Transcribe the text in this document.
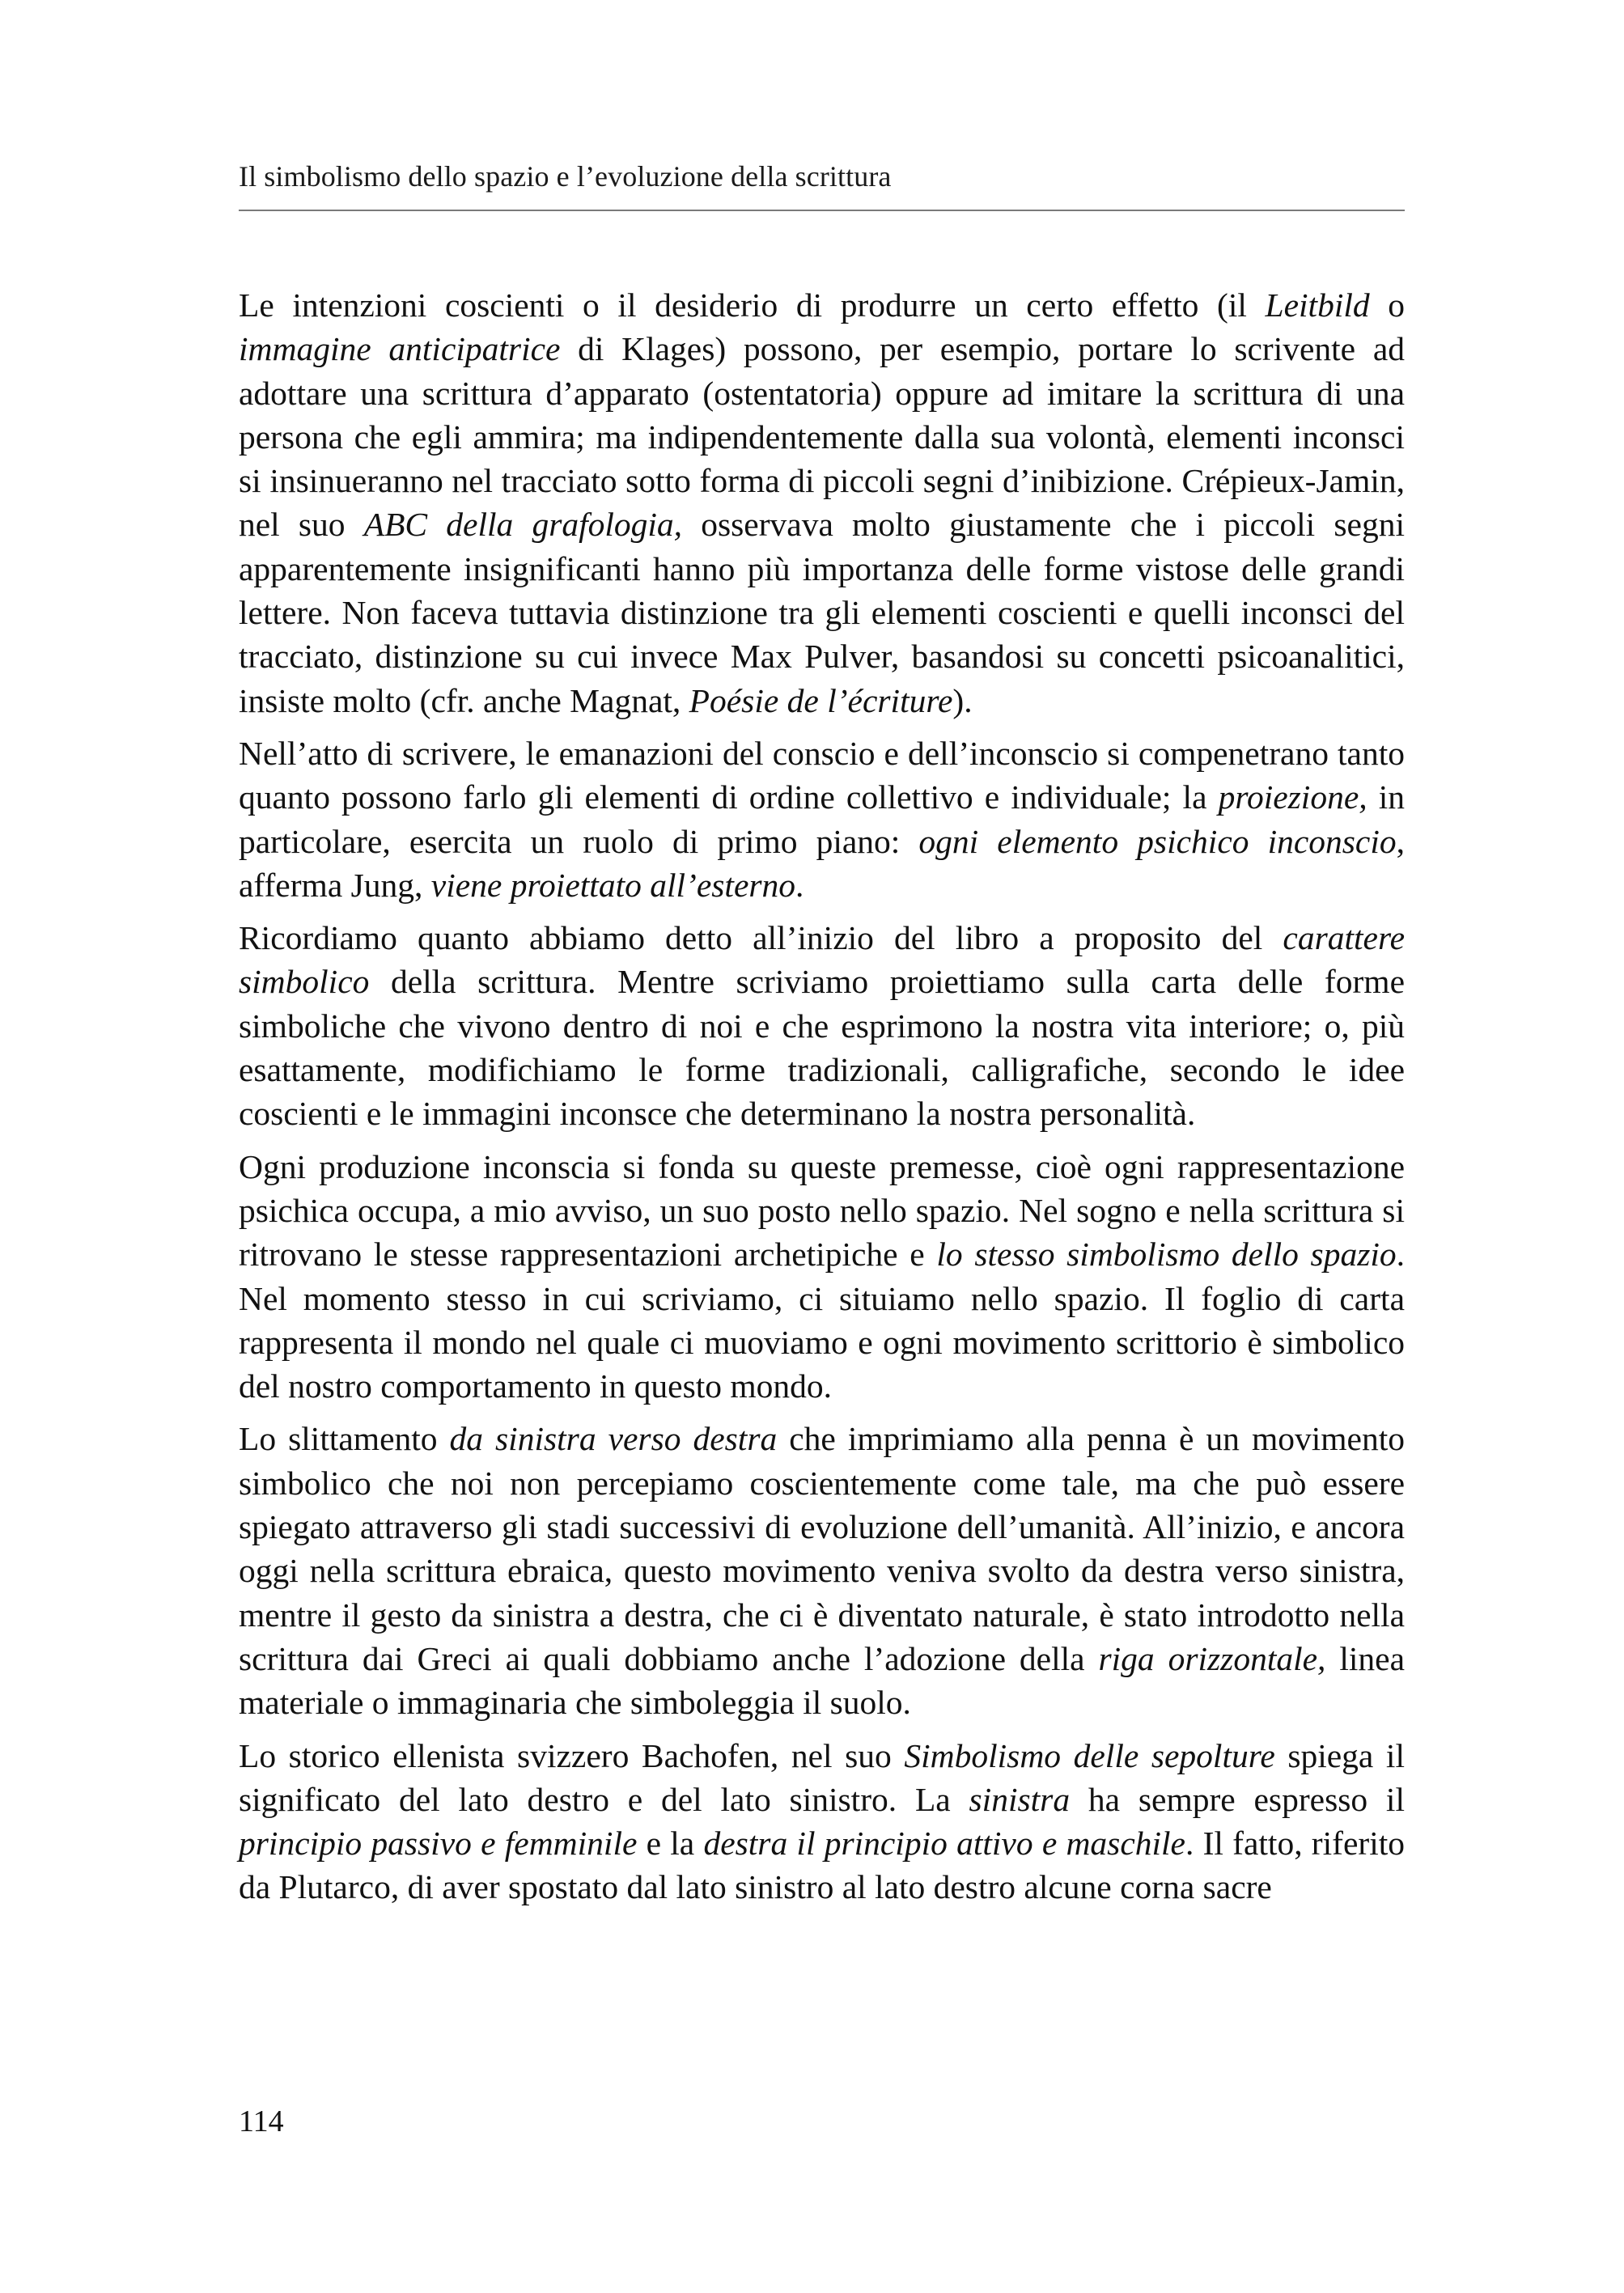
Il simbolismo dello spazio e l’evoluzione della scrittura

Le intenzioni coscienti o il desiderio di produrre un certo effetto (il Leitbild o immagine anticipatrice di Klages) possono, per esempio, portare lo scrivente ad adottare una scrittura d’apparato (ostentatoria) oppure ad imitare la scrittura di una persona che egli ammira; ma indipendentemente dalla sua volontà, elementi inconsci si insinueranno nel tracciato sotto forma di piccoli segni d’inibizione. Crépieux-Jamin, nel suo ABC della grafologia, osservava molto giustamente che i piccoli segni apparentemente insignificanti hanno più importanza delle forme vistose delle grandi lettere. Non faceva tuttavia distinzione tra gli elementi coscienti e quelli inconsci del tracciato, distinzione su cui invece Max Pulver, basandosi su concetti psicoanalitici, insiste molto (cfr. anche Magnat, Poésie de l’écriture).

Nell’atto di scrivere, le emanazioni del conscio e dell’inconscio si compenetrano tanto quanto possono farlo gli elementi di ordine collettivo e individuale; la proiezione, in particolare, esercita un ruolo di primo piano: ogni elemento psichico inconscio, afferma Jung, viene proiettato all’esterno.

Ricordiamo quanto abbiamo detto all’inizio del libro a proposito del carattere simbolico della scrittura. Mentre scriviamo proiettiamo sulla carta delle forme simboliche che vivono dentro di noi e che esprimono la nostra vita interiore; o, più esattamente, modifichiamo le forme tradizionali, calligrafiche, secondo le idee coscienti e le immagini inconsce che determinano la nostra personalità.

Ogni produzione inconscia si fonda su queste premesse, cioè ogni rappresentazione psichica occupa, a mio avviso, un suo posto nello spazio. Nel sogno e nella scrittura si ritrovano le stesse rappresentazioni archetipiche e lo stesso simbolismo dello spazio. Nel momento stesso in cui scriviamo, ci situiamo nello spazio. Il foglio di carta rappresenta il mondo nel quale ci muoviamo e ogni movimento scrittorio è simbolico del nostro comportamento in questo mondo.

Lo slittamento da sinistra verso destra che imprimiamo alla penna è un movimento simbolico che noi non percepiamo coscientemente come tale, ma che può essere spiegato attraverso gli stadi successivi di evoluzione dell’umanità. All’inizio, e ancora oggi nella scrittura ebraica, questo movimento veniva svolto da destra verso sinistra, mentre il gesto da sinistra a destra, che ci è diventato naturale, è stato introdotto nella scrittura dai Greci ai quali dobbiamo anche l’adozione della riga orizzontale, linea materiale o immaginaria che simboleggia il suolo.

Lo storico ellenista svizzero Bachofen, nel suo Simbolismo delle sepolture spiega il significato del lato destro e del lato sinistro. La sinistra ha sempre espresso il principio passivo e femminile e la destra il principio attivo e maschile. Il fatto, riferito da Plutarco, di aver spostato dal lato sinistro al lato destro alcune corna sacre

114
